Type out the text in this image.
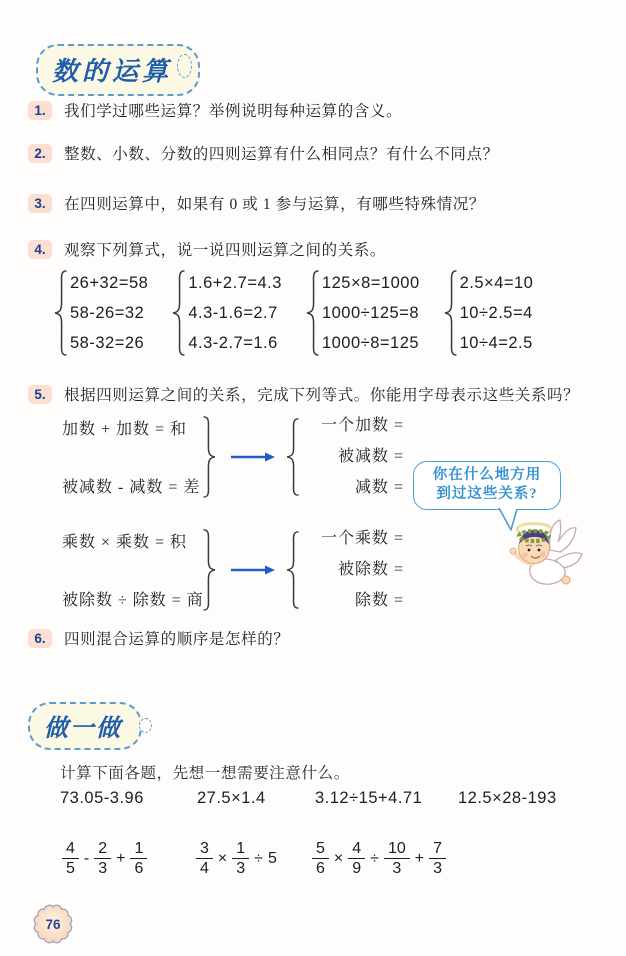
数的运算
1.	我们学过哪些运算？举例说明每种运算的含义。
2.	整数、小数、分数的四则运算有什么相同点？有什么不同点？
3.	在四则运算中，如果有 0 或 1 参与运算，有哪些特殊情况？
4.	观察下列算式，说一说四则运算之间的关系。
26+32=58
58-26=32
58-32=26
1.6+2.7=4.3
4.3-1.6=2.7
4.3-2.7=1.6
125×8=1000
1000÷125=8
1000÷8=125
2.5×4=10
10÷2.5=4
10÷4=2.5
5.	根据四则运算之间的关系，完成下列等式。你能用字母表示这些关系吗？
加数 + 加数 = 和
被减数 - 减数 = 差
一个加数 =
被减数 =
减数 =
你在什么地方用
到过这些关系?
乘数 × 乘数 = 积
被除数 ÷ 除数 = 商
一个乘数 =
被除数 =
除数 =
6.	四则混合运算的顺序是怎样的？
做一做
计算下面各题，先想一想需要注意什么。
73.05-3.96	27.5×1.4	3.12÷15+4.71 12.5×28-193
$\frac{4}{5} - \frac{2}{3} + \frac{1}{6}$	$\frac{3}{4} \times \frac{1}{3} \div 5 \frac{5}{6} \times \frac{4}{9} \div \frac{10}{3} + \frac{7}{3}$
76
